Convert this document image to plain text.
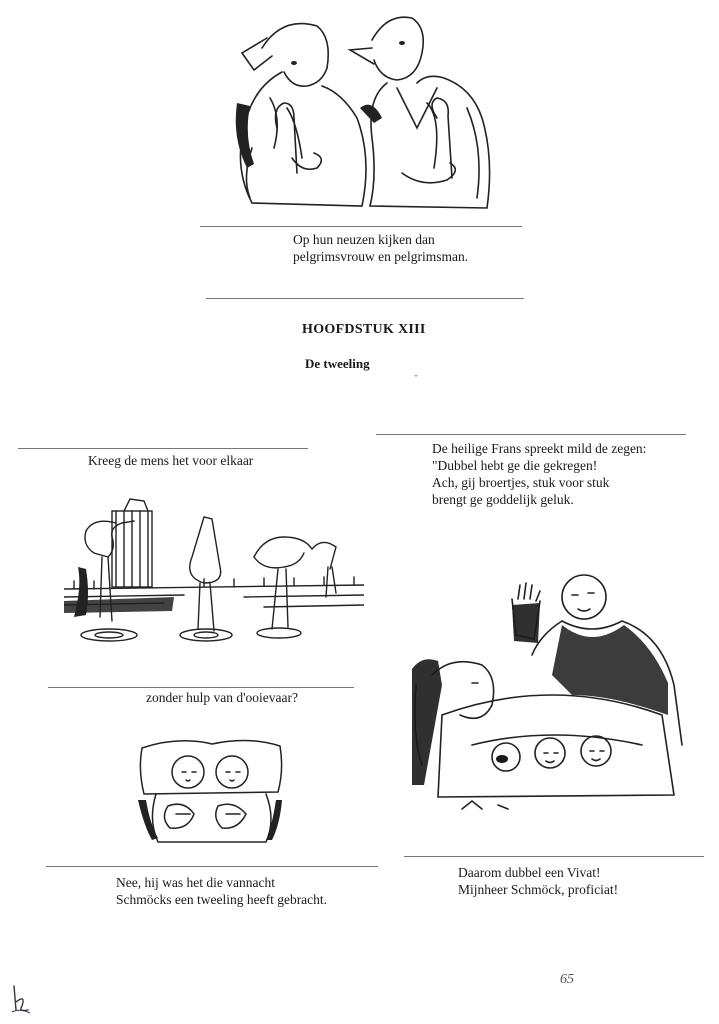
Op hun neuzen kijken dan
pelgrimsvrouw en pelgrimsman.
HOOFDSTUK XIII
De tweeling
ˇ
Kreeg de mens het voor elkaar
zonder hulp van d'ooievaar?
Nee, hij was het die vannacht
Schmöcks een tweeling heeft gebracht.
De heilige Frans spreekt mild de zegen:
"Dubbel hebt ge die gekregen!
Ach, gij broertjes, stuk voor stuk
brengt ge goddelijk geluk.
Daarom dubbel een Vivat!
Mijnheer Schmöck, proficiat!
65
